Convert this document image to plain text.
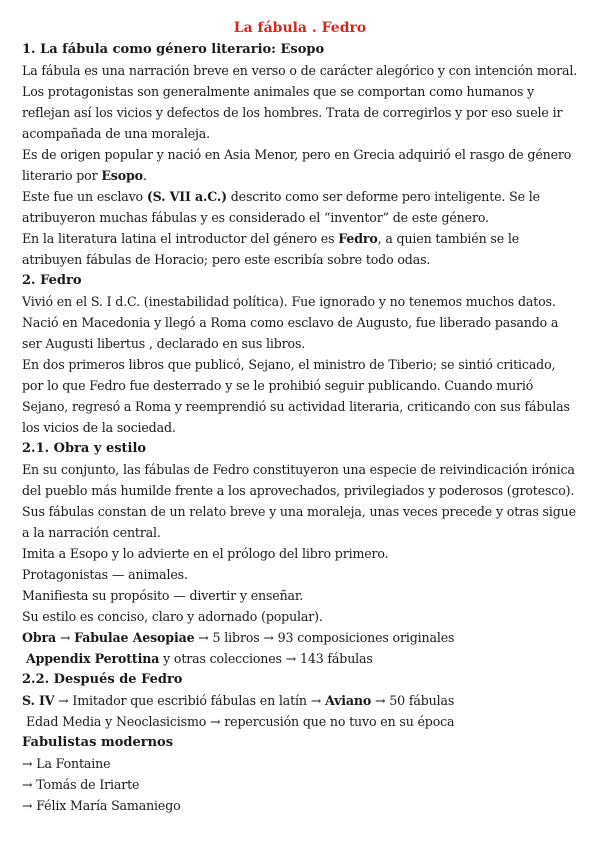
La fábula . Fedro
1. La fábula como género literario: Esopo
La fábula es una narración breve en verso o de carácter alegórico y con intención moral. Los protagonistas son generalmente animales que se comportan como humanos y reflejan así los vicios y defectos de los hombres. Trata de corregirlos y por eso suele ir acompañada de una moraleja.
Es de origen popular y nació en Asia Menor, pero en Grecia adquirió el rasgo de género literario por Esopo.
Este fue un esclavo (S. VII a.C.) descrito como ser deforme pero inteligente. Se le atribuyeron muchas fábulas y es considerado el “inventor” de este género.
En la literatura latina el introductor del género es Fedro, a quien también se le atribuyen fábulas de Horacio; pero este escribía sobre todo odas.
2. Fedro
Vivió en el S. I d.C. (inestabilidad política). Fue ignorado y no tenemos muchos datos.
Nació en Macedonia y llegó a Roma como esclavo de Augusto, fue liberado pasando a ser Augusti libertus , declarado en sus libros.
En dos primeros libros que publicó, Sejano, el ministro de Tiberio; se sintió criticado, por lo que Fedro fue desterrado y se le prohibió seguir publicando. Cuando murió Sejano, regresó a Roma y reemprendió su actividad literaria, criticando con sus fábulas los vicios de la sociedad.
2.1. Obra y estilo
En su conjunto, las fábulas de Fedro constituyeron una especie de reivindicación irónica del pueblo más humilde frente a los aprovechados, privilegiados y poderosos (grotesco).
Sus fábulas constan de un relato breve y una moraleja, unas veces precede y otras sigue a la narración central.
Imita a Esopo y lo advierte en el prólogo del libro primero.
Protagonistas — animales.
Manifiesta su propósito — divertir y enseñar.
Su estilo es conciso, claro y adornado (popular).
Obra → Fabulae Aesopiae → 5 libros → 93 composiciones originales
Appendix Perottina y otras colecciones → 143 fábulas
2.2. Después de Fedro
S. IV → Imitador que escribió fábulas en latín → Aviano → 50 fábulas
Edad Media y Neoclasicismo → repercusión que no tuvo en su época
Fabulistas modernos
→ La Fontaine
→ Tomás de Iriarte
→ Félix María Samaniego
